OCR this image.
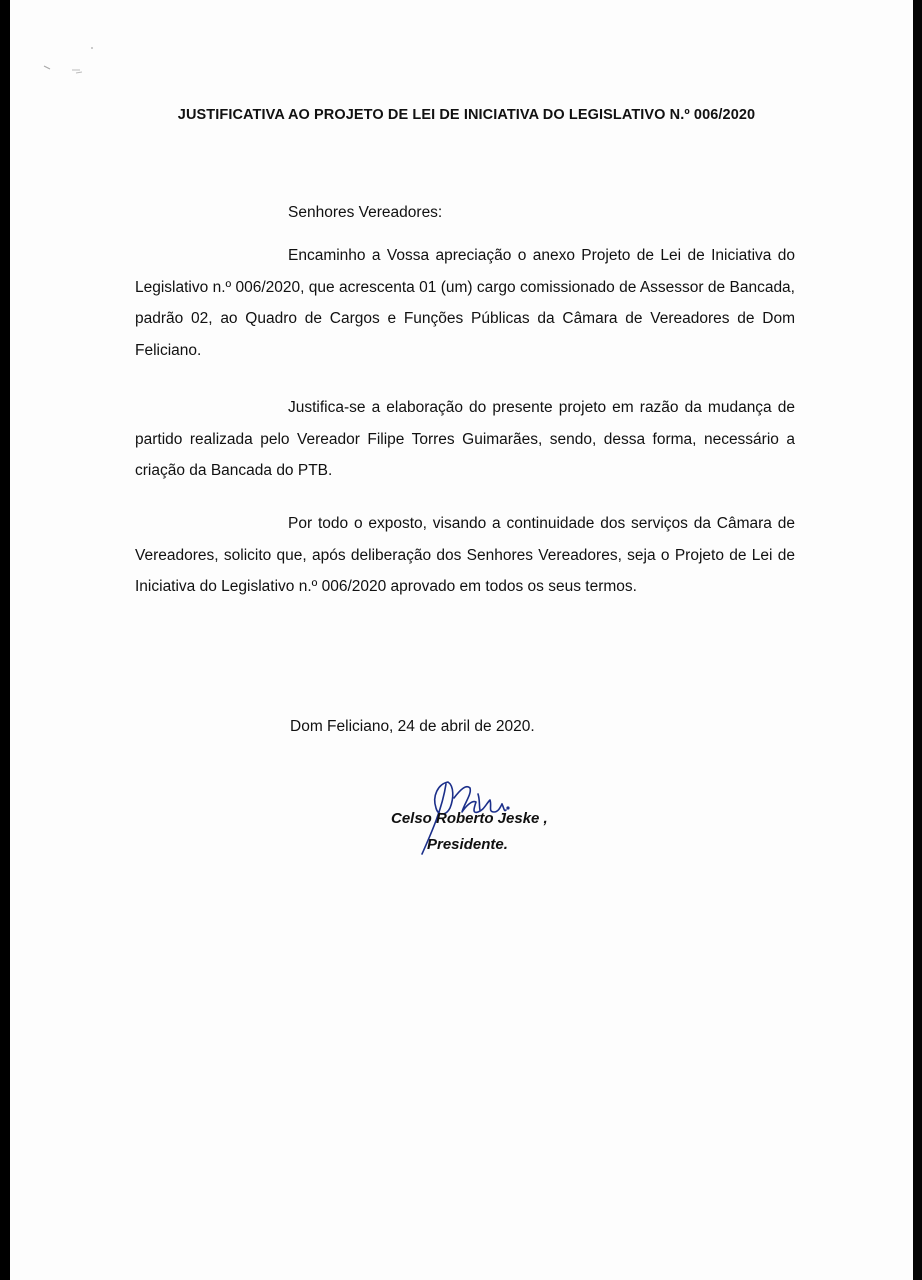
JUSTIFICATIVA AO PROJETO DE LEI DE INICIATIVA DO LEGISLATIVO N.º 006/2020
Senhores Vereadores:
Encaminho a Vossa apreciação o anexo Projeto de Lei de Iniciativa do Legislativo n.º 006/2020, que acrescenta 01 (um) cargo comissionado de Assessor de Bancada, padrão 02, ao Quadro de Cargos e Funções Públicas da Câmara de Vereadores de Dom Feliciano.
Justifica-se a elaboração do presente projeto em razão da mudança de partido realizada pelo Vereador Filipe Torres Guimarães, sendo, dessa forma, necessário a criação da Bancada do PTB.
Por todo o exposto, visando a continuidade dos serviços da Câmara de Vereadores, solicito que, após deliberação dos Senhores Vereadores, seja o Projeto de Lei de Iniciativa do Legislativo n.º 006/2020 aprovado em todos os seus termos.
Dom Feliciano, 24 de abril de 2020.
Celso Roberto Jeske ,
Presidente.
